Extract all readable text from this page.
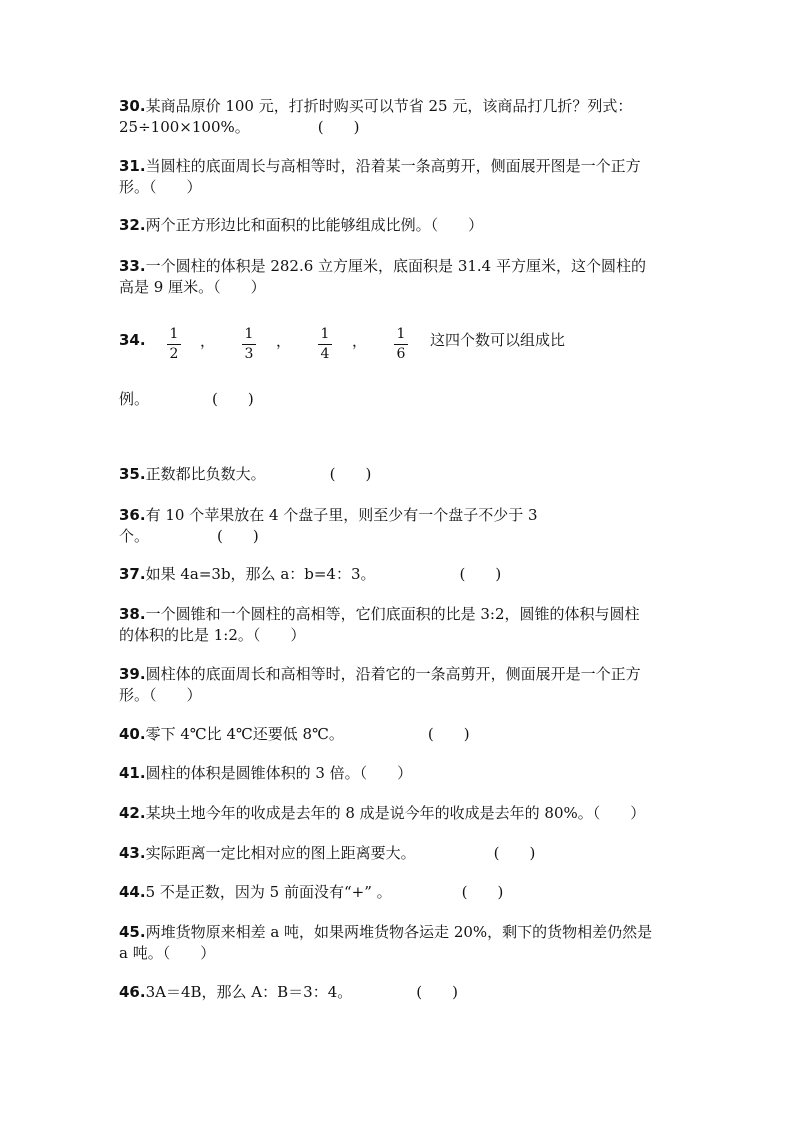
30.某商品原价 100 元，打折时购买可以节省 25 元，该商品打几折？列式：
25÷100×100%。	(　　)
31.当圆柱的底面周长与高相等时，沿着某一条高剪开，侧面展开图是一个正方
形。（　　）
32.两个正方形边比和面积的比能够组成比例。（　　）
33.一个圆柱的体积是 282.6 立方厘米，底面积是 31.4 平方厘米，这个圆柱的
高是 9 厘米。（　　）
34. $\frac{1}{2}$ ， $\frac{1}{3}$ ， $\frac{1}{4}$ ， $\frac{1}{6}$ 这四个数可以组成比
例。	(　　)
35.正数都比负数大。	(　　)
36.有 10 个苹果放在 4 个盘子里，则至少有一个盘子不少于 3
个。	(　　)
37.如果 4a=3b，那么 a：b=4：3。	(　　)
38.一个圆锥和一个圆柱的高相等，它们底面积的比是 3:2，圆锥的体积与圆柱
的体积的比是 1:2。（　　）
39.圆柱体的底面周长和高相等时，沿着它的一条高剪开，侧面展开是一个正方
形。（　　）
40.零下 4℃比 4℃还要低 8℃。	(　　)
41.圆柱的体积是圆锥体积的 3 倍。（　　）
42.某块土地今年的收成是去年的 8 成是说今年的收成是去年的 80%。（　　）
43.实际距离一定比相对应的图上距离要大。	(　　)
44.5 不是正数，因为 5 前面没有“+” 。	(　　)
45.两堆货物原来相差 a 吨，如果两堆货物各运走 20%，剩下的货物相差仍然是
a 吨。（　　）
46.3A＝4B，那么 A：B＝3：4。	(　　)
